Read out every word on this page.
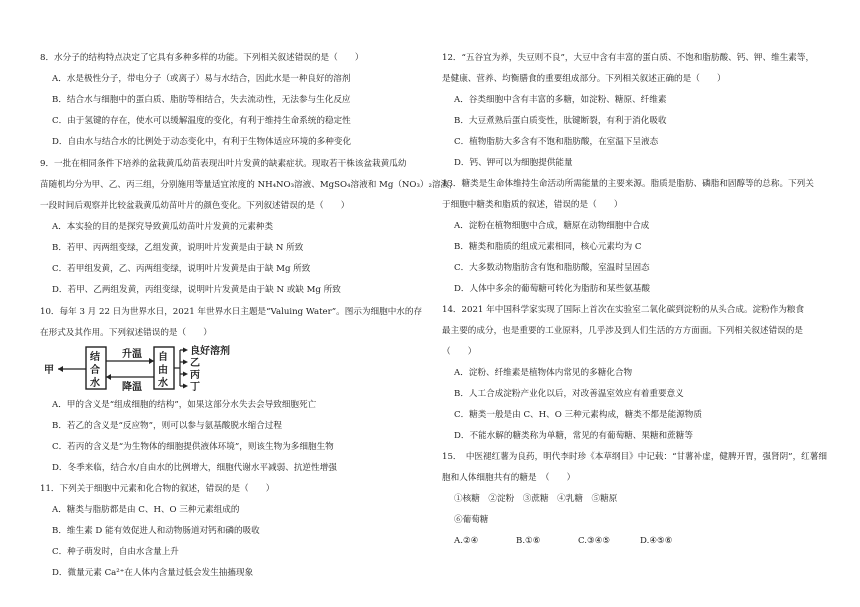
8．水分子的结构特点决定了它具有多种多样的功能。下列相关叙述错误的是（　　）
A．水是极性分子，带电分子（或离子）易与水结合，因此水是一种良好的溶剂
B．结合水与细胞中的蛋白质、脂肪等相结合，失去流动性，无法参与生化反应
C．由于氢键的存在，使水可以缓解温度的变化，有利于维持生命系统的稳定性
D．自由水与结合水的比例处于动态变化中，有利于生物体适应环境的多种变化
9．一批在相同条件下培养的盆栽黄瓜幼苗表现出叶片发黄的缺素症状。现取若干株该盆栽黄瓜幼
苗随机均分为甲、乙、丙三组，分别施用等量适宜浓度的 NH₄NO₃溶液、MgSO₄溶液和 Mg（NO₃）₂溶液，
一段时间后观察并比较盆栽黄瓜幼苗叶片的颜色变化。下列叙述错误的是（　　）
A．本实验的目的是探究导致黄瓜幼苗叶片发黄的元素种类
B．若甲、丙两组变绿，乙组发黄，说明叶片发黄是由于缺 N 所致
C．若甲组发黄，乙、丙两组变绿，说明叶片发黄是由于缺 Mg 所致
D．若甲、乙两组发黄，丙组变绿，说明叶片发黄是由于缺 N 或缺 Mg 所致
10．每年 3 月 22 日为世界水日，2021 年世界水日主题是“Valuing Water”。图示为细胞中水的存
在形式及其作用。下列叙述错误的是（　　）
甲
结
合
水
升温
降温
自
由
水
良好溶剂
乙
丙
丁
A．甲的含义是“组成细胞的结构”，如果这部分水失去会导致细胞死亡
B．若乙的含义是“反应物”，则可以参与氨基酸脱水缩合过程
C．若丙的含义是“为生物体的细胞提供液体环境”，则该生物为多细胞生物
D．冬季来临，结合水/自由水的比例增大，细胞代谢水平减弱、抗逆性增强
11．下列关于细胞中元素和化合物的叙述，错误的是（　　）
A．糖类与脂肪都是由 C、H、O 三种元素组成的
B．维生素 D 能有效促进人和动物肠道对钙和磷的吸收
C．种子萌发时，自由水含量上升
D．微量元素 Ca²⁺在人体内含量过低会发生抽搐现象
12．“五谷宜为养，失豆则不良”，大豆中含有丰富的蛋白质、不饱和脂肪酸、钙、钾、维生素等，
是健康、营养、均衡膳食的重要组成部分。下列相关叙述正确的是（　　）
A．谷类细胞中含有丰富的多糖，如淀粉、糖原、纤维素
B．大豆煮熟后蛋白质变性，肽键断裂，有利于消化吸收
C．植物脂肪大多含有不饱和脂肪酸，在室温下呈液态
D．钙、钾可以为细胞提供能量
13．糖类是生命体维持生命活动所需能量的主要来源。脂质是脂肪、磷脂和固醇等的总称。下列关
于细胞中糖类和脂质的叙述，错误的是（　　）
A．淀粉在植物细胞中合成，糖原在动物细胞中合成
B．糖类和脂质的组成元素相同，核心元素均为 C
C．大多数动物脂肪含有饱和脂肪酸，室温时呈固态
D．人体中多余的葡萄糖可转化为脂肪和某些氨基酸
14．2021 年中国科学家实现了国际上首次在实验室二氧化碳到淀粉的从头合成。淀粉作为粮食
最主要的成分，也是重要的工业原料，几乎涉及到人们生活的方方面面。下列相关叙述错误的是
（　　）
A．淀粉、纤维素是植物体内常见的多糖化合物
B．人工合成淀粉产业化以后，对改善温室效应有着重要意义
C．糖类一般是由 C、H、O 三种元素构成，糖类不都是能源物质
D．不能水解的糖类称为单糖，常见的有葡萄糖、果糖和蔗糖等
15．　中医褪红薯为良药，明代李时珍《本草纲目》中记载：“甘薯补虚，健脾开胃，强肾阴”，红薯细
胞和人体细胞共有的糖是　（　　）
①核糖　②淀粉　③蔗糖　④乳糖　⑤糖原
⑥葡萄糖
A.②④	B.①⑥	C.③④⑤	D.④⑤⑥
